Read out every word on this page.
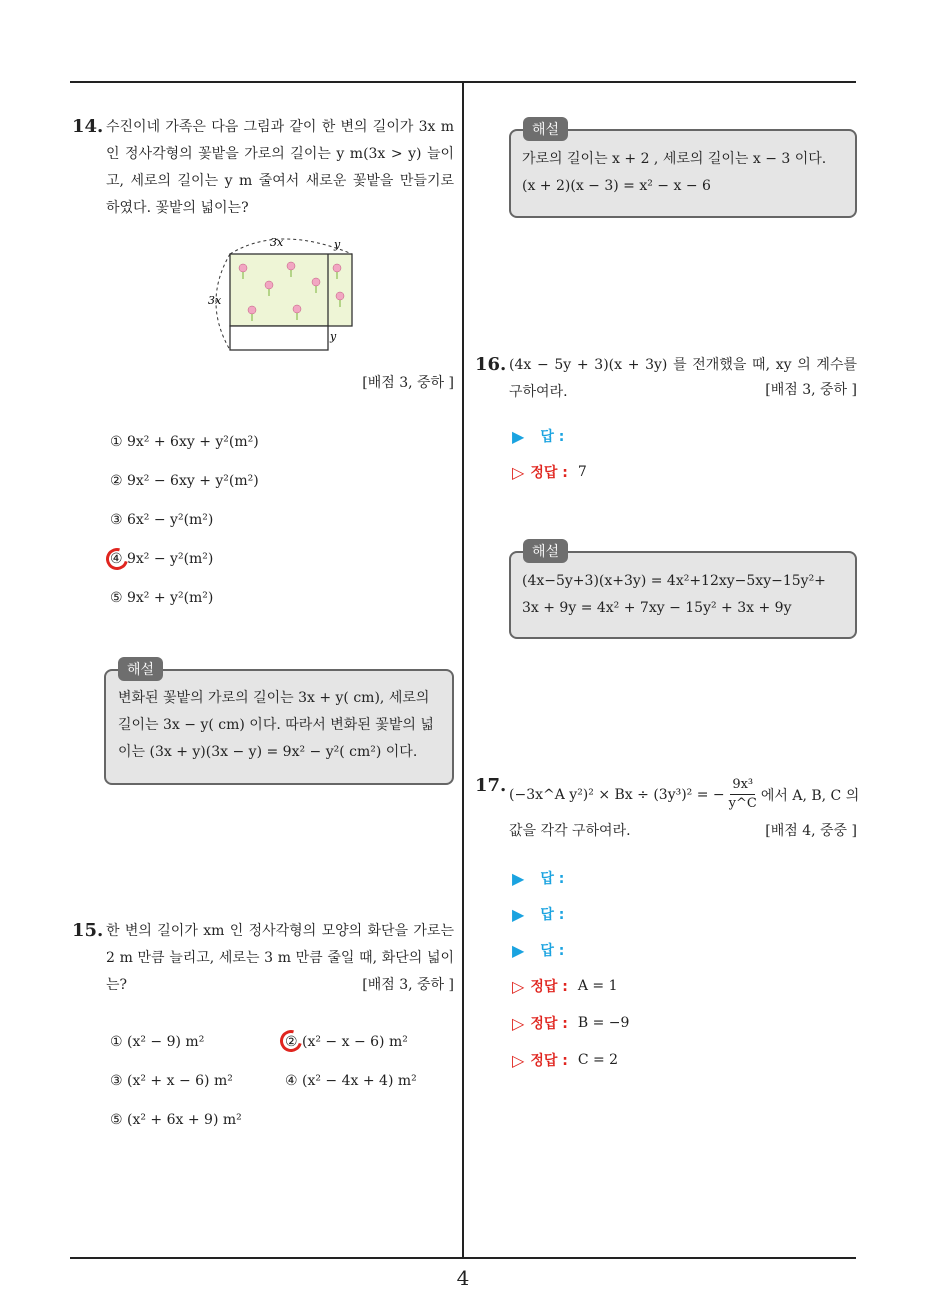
4
14. 수진이네 가족은 다음 그림과 같이 한 변의 길이가 3x m 인 정사각형의 꽃밭을 가로의 길이는 y m(3x > y) 늘이고, 세로의 길이는 y m 줄여서 새로운 꽃밭을 만들기로 하였다. 꽃밭의 넓이는?
3x	y
3x
y
[배점 3, 중하 ]
① 9x² + 6xy + y²(m²)
② 9x² − 6xy + y²(m²)
③ 6x² − y²(m²)
④ 9x² − y²(m²)
⑤ 9x² + y²(m²)
해설
변화된 꽃밭의 가로의 길이는 3x + y( cm), 세로의 길이는 3x − y( cm) 이다. 따라서 변화된 꽃밭의 넓이는 (3x + y)(3x − y) = 9x² − y²( cm²) 이다.
15. 한 변의 길이가 xm 인 정사각형의 모양의 화단을 가로는 2 m 만큼 늘리고, 세로는 3 m 만큼 줄일 때, 화단의 넓이는?	[배점 3, 중하 ]
① (x² − 9) m²	② (x² − x − 6) m²
③ (x² + x − 6) m²	④ (x² − 4x + 4) m²
⑤ (x² + 6x + 9) m²
해설
가로의 길이는 x + 2 , 세로의 길이는 x − 3 이다.
(x + 2)(x − 3) = x² − x − 6
16. (4x − 5y + 3)(x + 3y) 를 전개했을 때, xy 의 계수를 구하여라.	[배점 3, 중하 ]
▶ 답 :
▷ 정답 : 7
해설
(4x−5y+3)(x+3y) = 4x²+12xy−5xy−15y²+
3x + 9y = 4x² + 7xy − 15y² + 3x + 9y
17. (−3x^A y²)² × Bx ÷ (3y³)² = − $\frac{\text{9x³}}{y\^{}C}$ 에서 A, B, C 의
값을 각각 구하여라.	[배점 4, 중중 ]
▶ 답 :
▶ 답 :
▶ 답 :
▷ 정답 : A = 1
▷ 정답 : B = −9
▷ 정답 : C = 2
